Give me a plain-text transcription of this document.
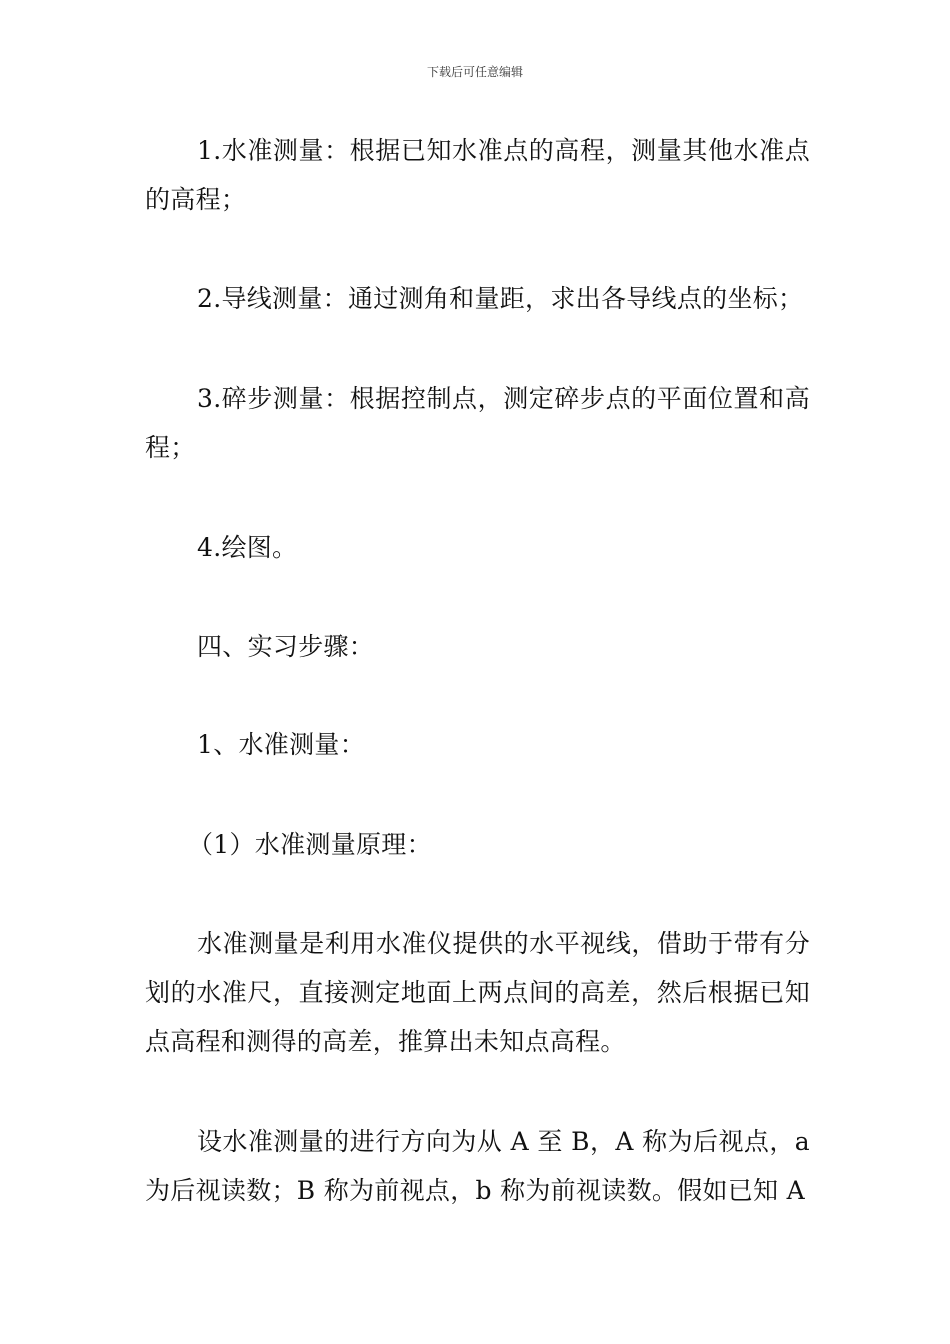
下载后可任意编辑

1.水准测量：根据已知水准点的高程，测量其他水准点的高程；

2.导线测量：通过测角和量距，求出各导线点的坐标；

3.碎步测量：根据控制点，测定碎步点的平面位置和高程；

4.绘图。

四、实习步骤：

1、水准测量：

（1）水准测量原理：

水准测量是利用水准仪提供的水平视线，借助于带有分划的水准尺，直接测定地面上两点间的高差，然后根据已知点高程和测得的高差，推算出未知点高程。

设水准测量的进行方向为从 A 至 B，A 称为后视点，a 为后视读数；B 称为前视点，b 称为前视读数。假如已知 A
